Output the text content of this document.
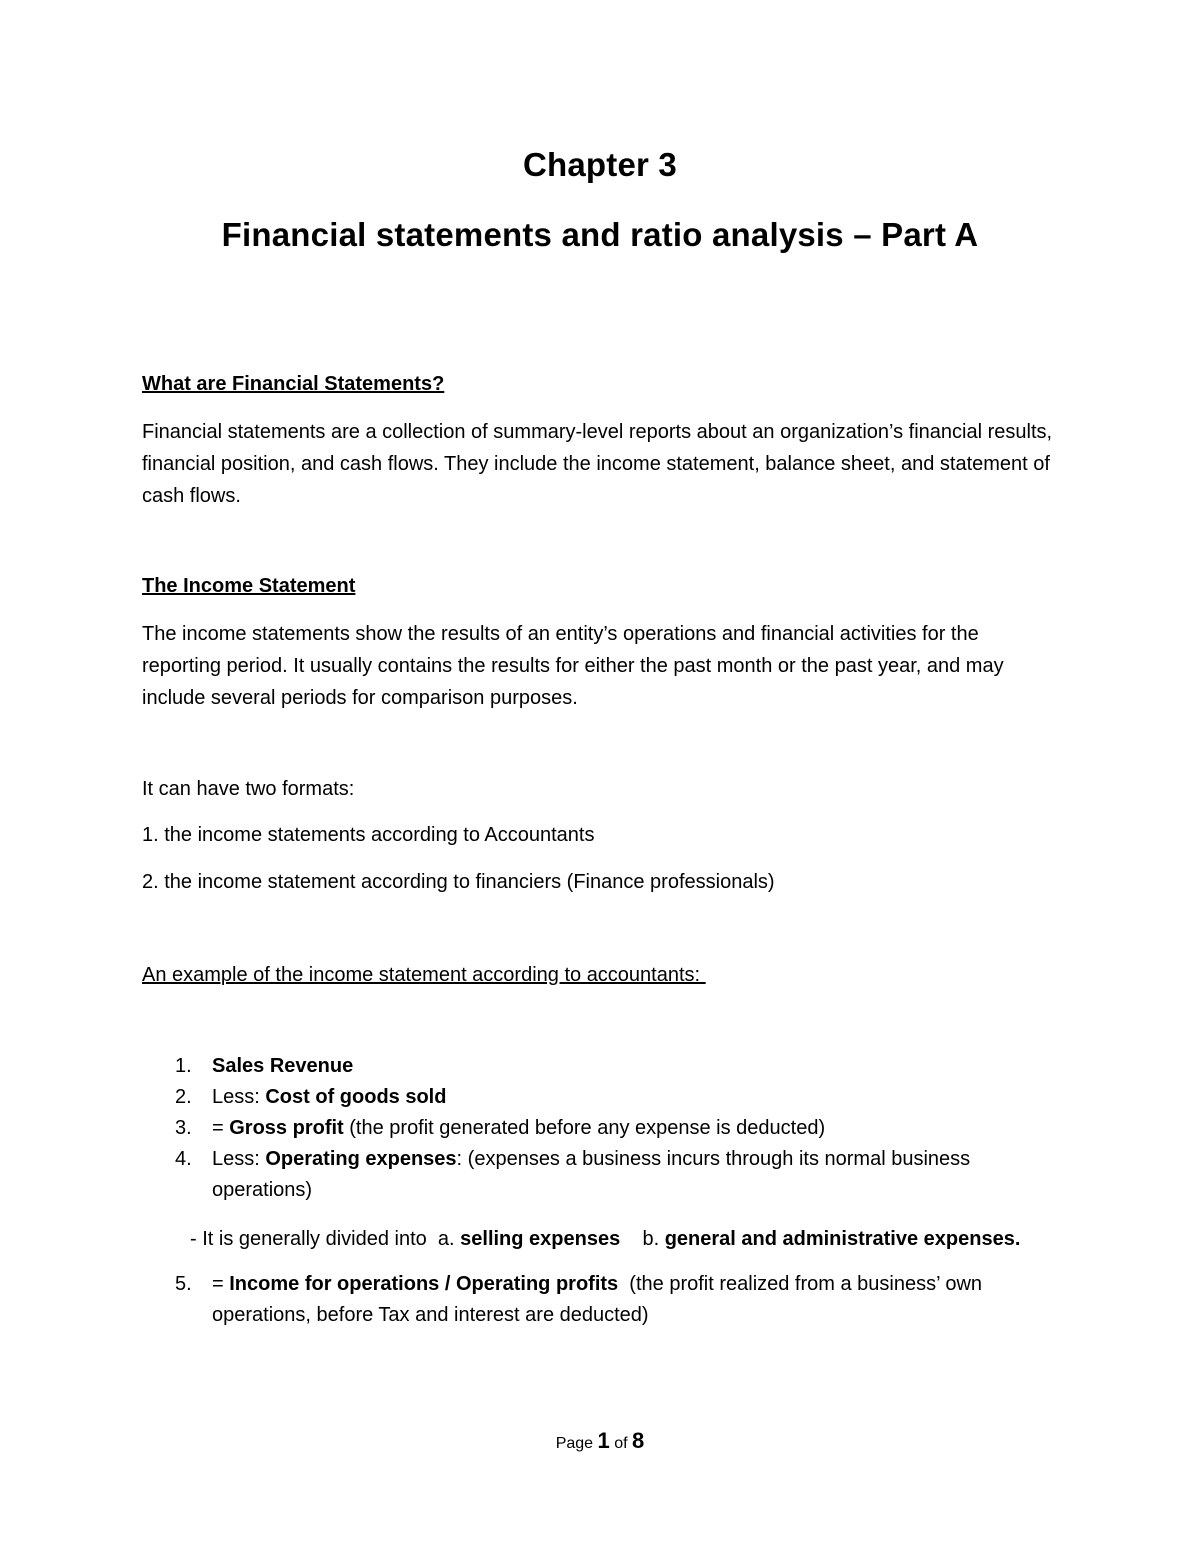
Chapter 3
Financial statements and ratio analysis – Part A

What are Financial Statements?

Financial statements are a collection of summary-level reports about an organization’s financial results, financial position, and cash flows. They include the income statement, balance sheet, and statement of cash flows.

The Income Statement

The income statements show the results of an entity’s operations and financial activities for the reporting period. It usually contains the results for either the past month or the past year, and may include several periods for comparison purposes.

It can have two formats:

1. the income statements according to Accountants

2. the income statement according to financiers (Finance professionals)

An example of the income statement according to accountants:

1. Sales Revenue
2. Less: Cost of goods sold
3. = Gross profit (the profit generated before any expense is deducted)
4. Less: Operating expenses: (expenses a business incurs through its normal business operations)

- It is generally divided into  a. selling expenses    b. general and administrative expenses.

5. = Income for operations / Operating profits  (the profit realized from a business’ own operations, before Tax and interest are deducted)
Page 1 of 8
